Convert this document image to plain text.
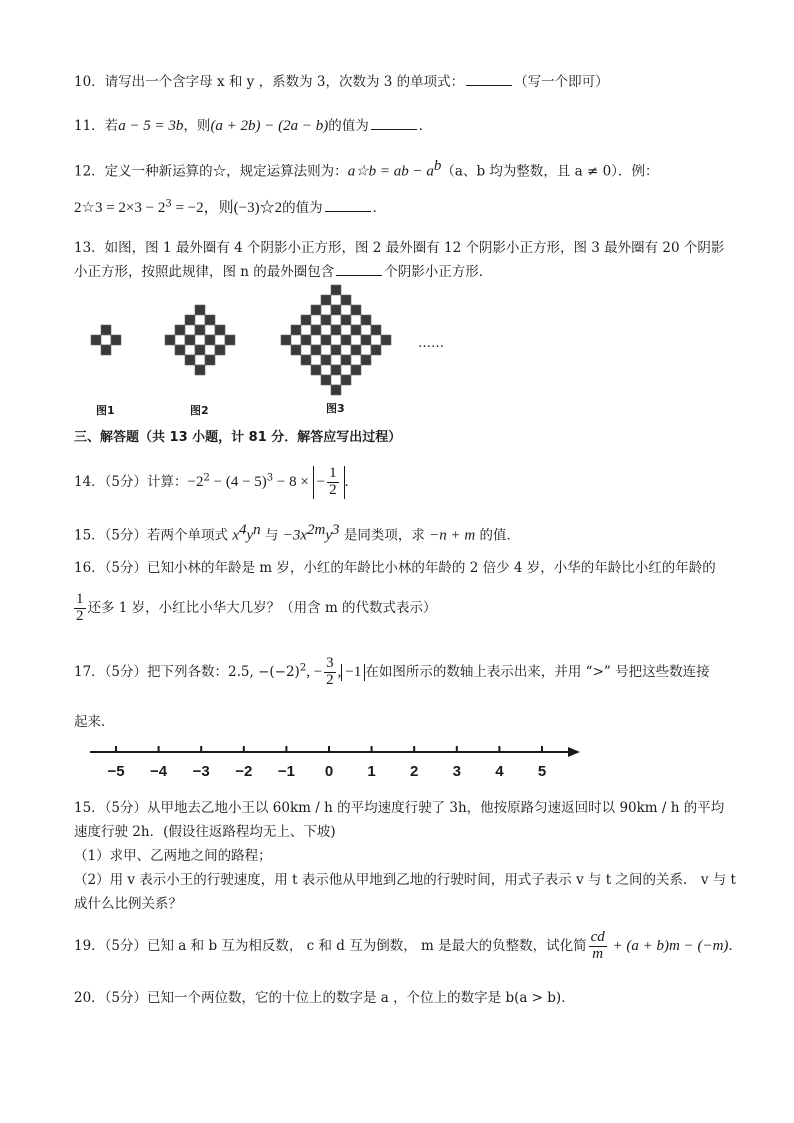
10．请写出一个含字母 x 和 y ，系数为 3，次数为 3 的单项式：	（写一个即可）
11．若a − 5 = 3b，则(a + 2b) − (2a − b)的值为	．
12．定义一种新运算的☆，规定运算法则为：a☆b = ab − $a^b(a$、b 均为整数，且 a ≠ 0）．例：
2☆3 = $2\times 3 - 2^3 = -2$，则(−3)☆2的值为	．
13．如图，图 1 最外圈有 4 个阴影小正方形，图 2 最外圈有 12 个阴影小正方形，图 3 最外圈有 20 个阴影
小正方形，按照此规律，图 n 的最外圈包含	个阴影小正方形．
图1	图2	图3
……
三、解答题（共 13 小题，计 81 分．解答应写出过程）
14．（5分）计算：$-2^2 - (4 - 5)^3 - 8$ × − $\frac{1}{2}$ ．
15．（5分）若两个单项式 $x^4y^n$ 与 $-3x^{2m}y^3$ 是同类项，求 −n + m 的值．
16．（5分）已知小林的年龄是 m 岁，小红的年龄比小林的年龄的 2 倍少 4 岁，小华的年龄比小红的年龄的
$\frac{1}{2}$ 还多 1 岁，小红比小华大几岁？（用含 m 的代数式表示）
17．（5分）把下列各数：2.5, $-(-2)^2$, − $\frac{3}{2}$ , −1 在如图所示的数轴上表示出来，并用 “>” 号把这些数连接
起来．
−5 −4 −3 −2 −1 0 1 2 3 4 5
15．（5分）从甲地去乙地小王以 60km / h 的平均速度行驶了 3h，他按原路匀速返回时以 90km / h 的平均
速度行驶 2h．(假设往返路程均无上、下坡)
（1）求甲、乙两地之间的路程；
（2）用 v 表示小王的行驶速度，用 t 表示他从甲地到乙地的行驶时间，用式子表示 v 与 t 之间的关系． v 与 t
成什么比例关系？
19．（5分）已知 a 和 b 互为相反数， c 和 d 互为倒数， m 是最大的负整数，试化简 $\frac{cd}{m} + (a + b)m - (-m)$．
20．（5分）已知一个两位数，它的十位上的数字是 a ，个位上的数字是 b(a > b)．
